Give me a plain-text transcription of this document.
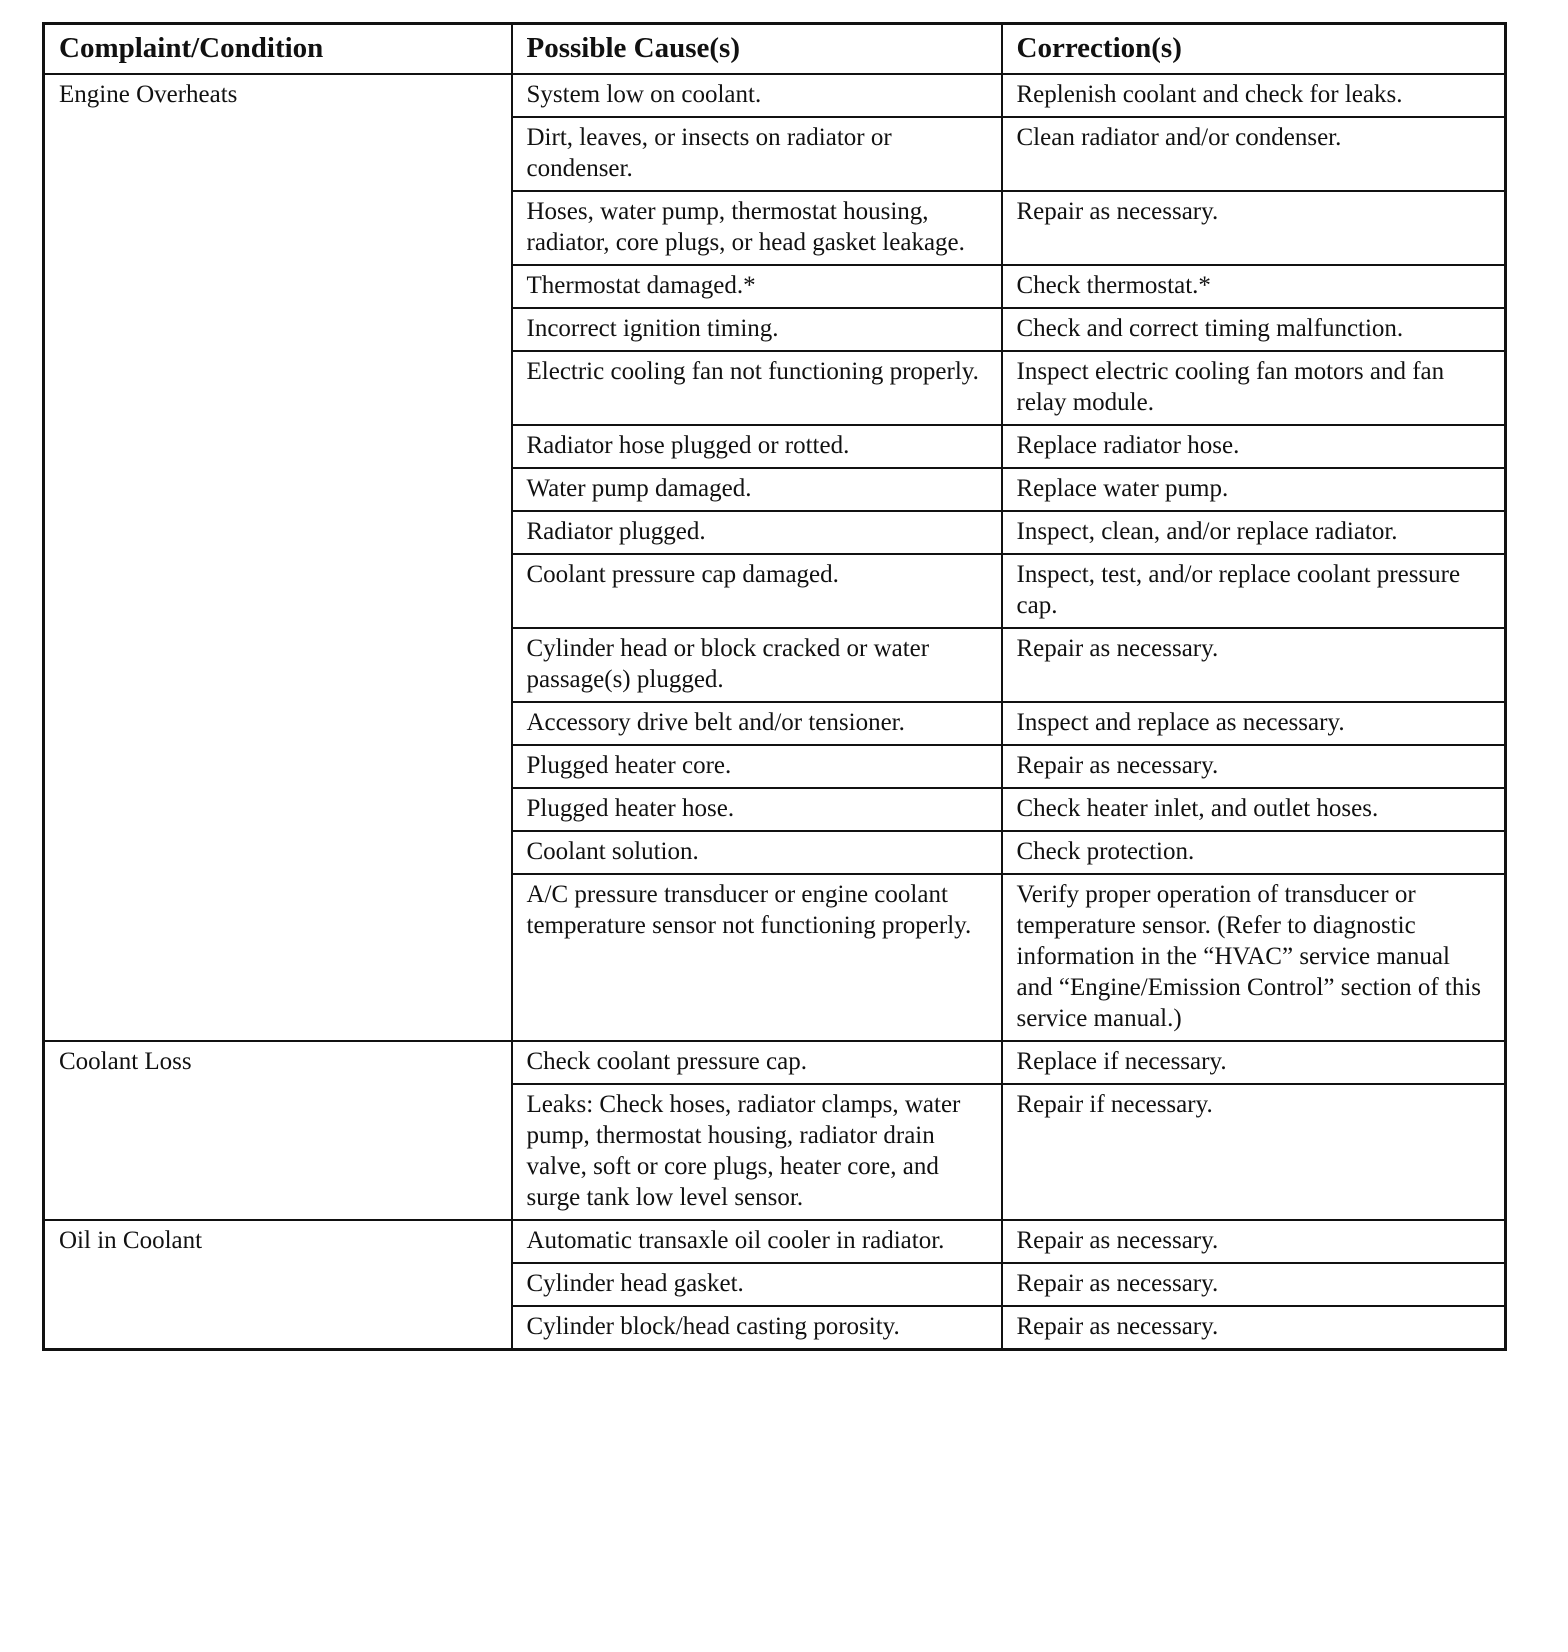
Complaint/Condition	Possible Cause(s)	Correction(s)
Engine Overheats	System low on coolant.	Replenish coolant and check for leaks.
	Dirt, leaves, or insects on radiator or condenser.	Clean radiator and/or condenser.
	Hoses, water pump, thermostat housing, radiator, core plugs, or head gasket leakage.	Repair as necessary.
	Thermostat damaged.*	Check thermostat.*
	Incorrect ignition timing.	Check and correct timing malfunction.
	Electric cooling fan not functioning properly.	Inspect electric cooling fan motors and fan relay module.
	Radiator hose plugged or rotted.	Replace radiator hose.
	Water pump damaged.	Replace water pump.
	Radiator plugged.	Inspect, clean, and/or replace radiator.
	Coolant pressure cap damaged.	Inspect, test, and/or replace coolant pressure cap.
	Cylinder head or block cracked or water passage(s) plugged.	Repair as necessary.
	Accessory drive belt and/or tensioner.	Inspect and replace as necessary.
	Plugged heater core.	Repair as necessary.
	Plugged heater hose.	Check heater inlet, and outlet hoses.
	Coolant solution.	Check protection.
	A/C pressure transducer or engine coolant temperature sensor not functioning properly.	Verify proper operation of transducer or temperature sensor. (Refer to diagnostic information in the “HVAC” service manual and “Engine/Emission Control” section of this service manual.)
Coolant Loss	Check coolant pressure cap.	Replace if necessary.
	Leaks: Check hoses, radiator clamps, water pump, thermostat housing, radiator drain valve, soft or core plugs, heater core, and surge tank low level sensor.	Repair if necessary.
Oil in Coolant	Automatic transaxle oil cooler in radiator.	Repair as necessary.
	Cylinder head gasket.	Repair as necessary.
	Cylinder block/head casting porosity.	Repair as necessary.
